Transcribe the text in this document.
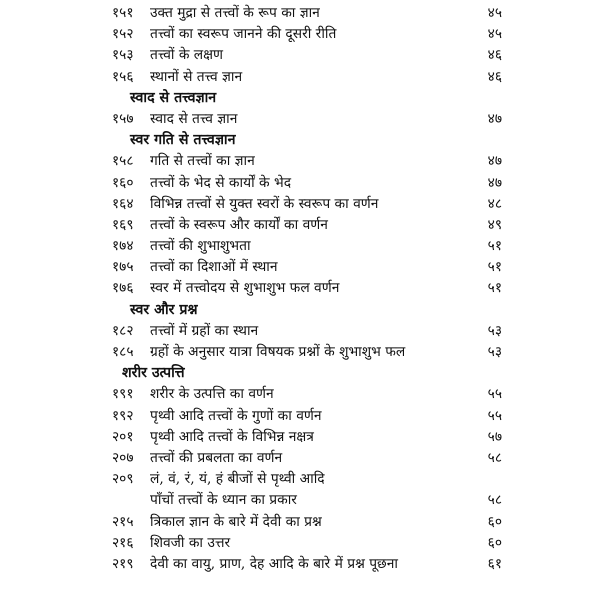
१५१ उक्त मुद्रा से तत्त्वों के रूप का ज्ञान	४५
१५२ तत्त्वों का स्वरूप जानने की दूसरी रीति	४५
१५३ तत्त्वों के लक्षण	४६
१५६ स्थानों से तत्त्व ज्ञान	४६
स्वाद से तत्त्वज्ञान
१५७ स्वाद से तत्त्व ज्ञान	४७
स्वर गति से तत्त्वज्ञान
१५८ गति से तत्त्वों का ज्ञान	४७
१६० तत्त्वों के भेद से कार्यों के भेद	४७
१६४ विभिन्न तत्त्वों से युक्त स्वरों के स्वरूप का वर्णन	४८
१६९ तत्त्वों के स्वरूप और कार्यों का वर्णन	४९
१७४ तत्त्वों की शुभाशुभता	५१
१७५ तत्त्वों का दिशाओं में स्थान	५१
१७६ स्वर में तत्त्वोदय से शुभाशुभ फल वर्णन	५१
स्वर और प्रश्न
१८२ तत्त्वों में ग्रहों का स्थान	५३
१८५ ग्रहों के अनुसार यात्रा विषयक प्रश्नों के शुभाशुभ फल	५३
शरीर उत्पत्ति
१९१ शरीर के उत्पत्ति का वर्णन	५५
१९२ पृथ्वी आदि तत्त्वों के गुणों का वर्णन	५५
२०१ पृथ्वी आदि तत्त्वों के विभिन्न नक्षत्र	५७
२०७ तत्त्वों की प्रबलता का वर्णन	५८
२०९ लं, वं, रं, यं, हं बीजों से पृथ्वी आदि
पाँचों तत्त्वों के ध्यान का प्रकार	५८
२१५ त्रिकाल ज्ञान के बारे में देवी का प्रश्न	६०
२१६ शिवजी का उत्तर	६०
२१९ देवी का वायु, प्राण, देह आदि के बारे में प्रश्न पूछना	६१
